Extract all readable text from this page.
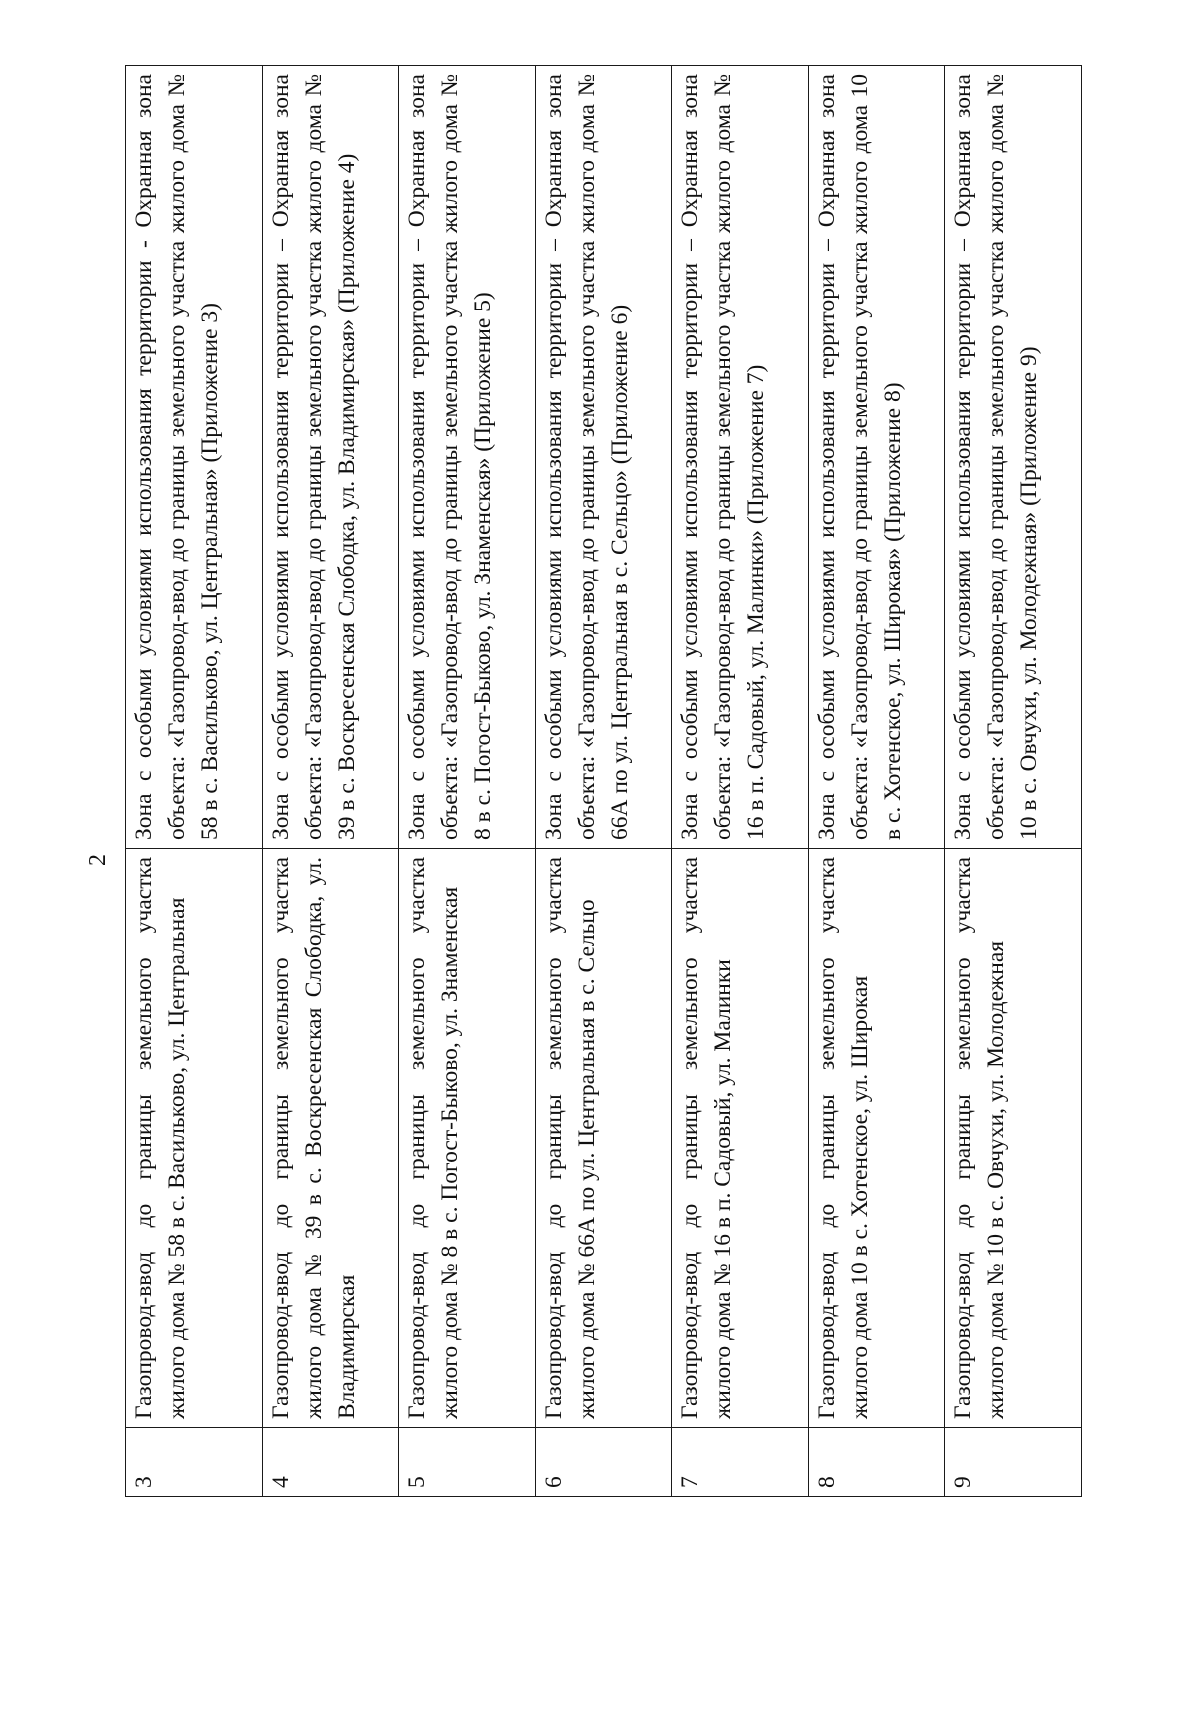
2
3	Газопровод-ввод до границы земельного участка жилого дома № 58 в с. Васильково, ул. Центральная	Зона с особыми условиями использования территории - Охранная зона объекта: «Газопровод-ввод до границы земельного участка жилого дома № 58 в с. Васильково, ул. Центральная» (Приложение 3)

4	Газопровод-ввод до границы земельного участка жилого дома № 39 в с. Воскресенская Слободка, ул. Владимирская	Зона с особыми условиями использования территории – Охранная зона объекта: «Газопровод-ввод до границы земельного участка жилого дома № 39 в с. Воскресенская Слободка, ул. Владимирская» (Приложение 4)

5	Газопровод-ввод до границы земельного участка жилого дома № 8 в с. Погост-Быково, ул. Знаменская	Зона с особыми условиями использования территории – Охранная зона объекта: «Газопровод-ввод до границы земельного участка жилого дома № 8 в с. Погост-Быково, ул. Знаменская» (Приложение 5)

6	Газопровод-ввод до границы земельного участка жилого дома № 66А по ул. Центральная в с. Сельцо	Зона с особыми условиями использования территории – Охранная зона объекта: «Газопровод-ввод до границы земельного участка жилого дома № 66А по ул. Центральная в с. Сельцо» (Приложение 6)

7	Газопровод-ввод до границы земельного участка жилого дома № 16 в п. Садовый, ул. Малинки	Зона с особыми условиями использования территории – Охранная зона объекта: «Газопровод-ввод до границы земельного участка жилого дома № 16 в п. Садовый, ул. Малинки» (Приложение 7)

8	Газопровод-ввод до границы земельного участка жилого дома 10 в с. Хотенское, ул. Широкая	Зона с особыми условиями использования территории – Охранная зона объекта: «Газопровод-ввод до границы земельного участка жилого дома 10 в с. Хотенское, ул. Широкая» (Приложение 8)

9	Газопровод-ввод до границы земельного участка жилого дома № 10 в с. Овчухи, ул. Молодежная	Зона с особыми условиями использования территории – Охранная зона объекта: «Газопровод-ввод до границы земельного участка жилого дома № 10 в с. Овчухи, ул. Молодежная» (Приложение 9)
